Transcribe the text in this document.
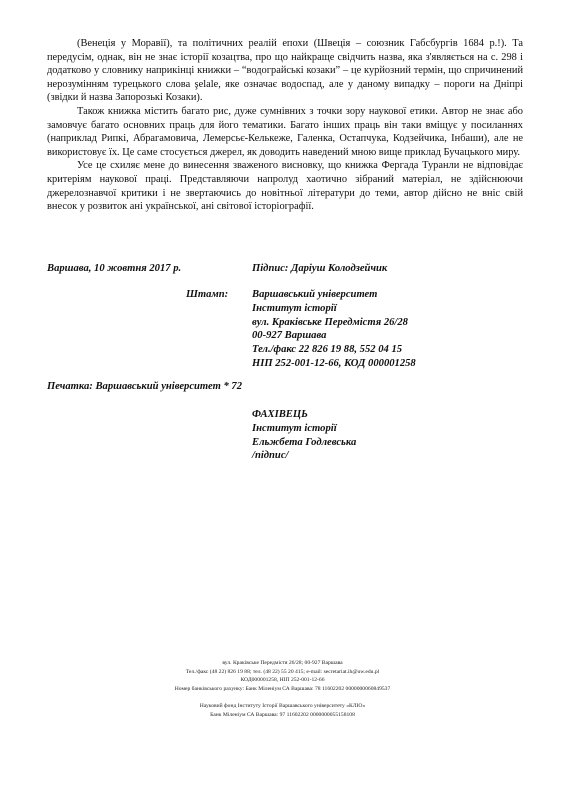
(Венеція у Моравії), та політичних реалій епохи (Швеція – союзник Габсбургів 1684 р.!). Та передусім, однак, він не знає історії козацтва, про що найкраще свідчить назва, яка з'являється на с. 298 і додатково у словнику наприкінці книжки – “водограйські козаки” – це курйозний термін, що спричинений нерозумінням турецького слова şelale, яке означає водоспад, але у даному випадку – пороги на Дніпрі (звідки й назва Запорозькі Козаки).

Також книжка містить багато рис, дуже сумнівних з точки зору наукової етики. Автор не знає або замовчує багато основних праць для його тематики. Багато інших праць він таки вміщує у посиланнях (наприклад Рипкі, Абрагамовича, Лемерсьє-Келькеже, Галенка, Остапчука, Кодзейчика, Інбаши), але не використовує їх. Це саме стосується джерел, як доводить наведений мною вище приклад Бучацького миру.

Усе це схиляє мене до винесення зваженого висновку, що книжка Фергада Туранли не відповідає критеріям наукової праці. Представляючи напролуд хаотично зібраний матеріал, не здійснюючи джерелознавчої критики і не звертаючись до новітньої літератури до теми, автор дійсно не вніс свій внесок у розвиток ані української, ані світової історіографії.

Варшава, 10 жовтня 2017 р.	Підпис: Даріуш Колодзейчик
Штамп: Варшавський університет
Інститут історії
вул. Краківське Передмістя 26/28
00-927 Варшава
Тел./факс 22 826 19 88, 552 04 15
НІП 252-001-12-66, КОД 000001258
Печатка: Варшавський університет * 72
ФАХІВЕЦЬ
Інститут історії
Ельжбета Годлевська
/підпис/
вул. Краківське Передмістя 26/28; 00-927 Варшава
Тел./факс (48 22) 826 19 88; тел. (48 22) 55 20 415; e-mail: secretariat.ih@uw.edu.pl
КОД000001258, НІП 252-001-12-66
Номер банківського рахунку: Банк Міленіум СА Варшава: 78 11602202 0000000060849537
Науковий фонд Інституту Історії Варшавського університету «КЛІО»
Банк Міленіум СА Варшава: 97 11602202 0000000055158108
